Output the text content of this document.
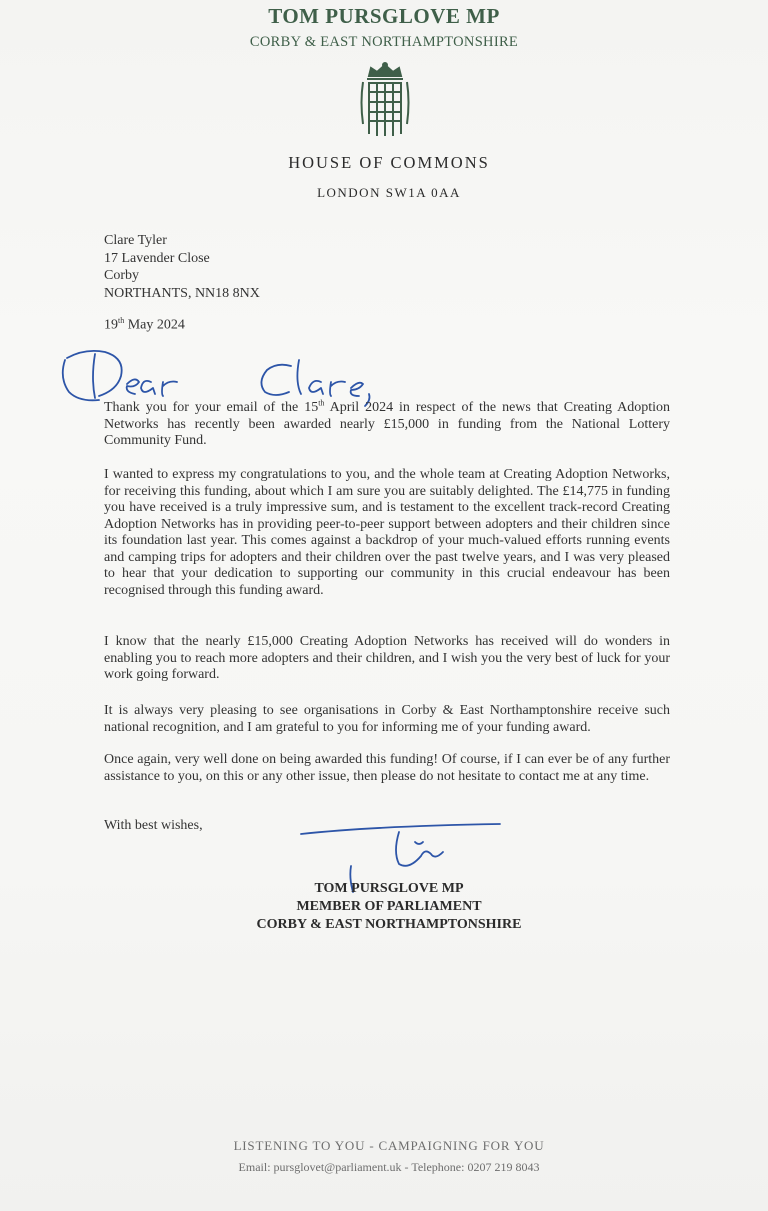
TOM PURSGLOVE MP
CORBY & EAST NORTHAMPTONSHIRE
HOUSE OF COMMONS
LONDON SW1A 0AA
Clare Tyler
17 Lavender Close
Corby
NORTHANTS, NN18 8NX
19th May 2024
Thank you for your email of the 15th April 2024 in respect of the news that Creating Adoption Networks has recently been awarded nearly £15,000 in funding from the National Lottery Community Fund.
I wanted to express my congratulations to you, and the whole team at Creating Adoption Networks, for receiving this funding, about which I am sure you are suitably delighted. The £14,775 in funding you have received is a truly impressive sum, and is testament to the excellent track-record Creating Adoption Networks has in providing peer-to-peer support between adopters and their children since its foundation last year. This comes against a backdrop of your much-valued efforts running events and camping trips for adopters and their children over the past twelve years, and I was very pleased to hear that your dedication to supporting our community in this crucial endeavour has been recognised through this funding award.
I know that the nearly £15,000 Creating Adoption Networks has received will do wonders in enabling you to reach more adopters and their children, and I wish you the very best of luck for your work going forward.
It is always very pleasing to see organisations in Corby & East Northamptonshire receive such national recognition, and I am grateful to you for informing me of your funding award.
Once again, very well done on being awarded this funding! Of course, if I can ever be of any further assistance to you, on this or any other issue, then please do not hesitate to contact me at any time.
With best wishes,
TOM PURSGLOVE MP
MEMBER OF PARLIAMENT
CORBY & EAST NORTHAMPTONSHIRE
LISTENING TO YOU - CAMPAIGNING FOR YOU
Email: pursglovet@parliament.uk - Telephone: 0207 219 8043
